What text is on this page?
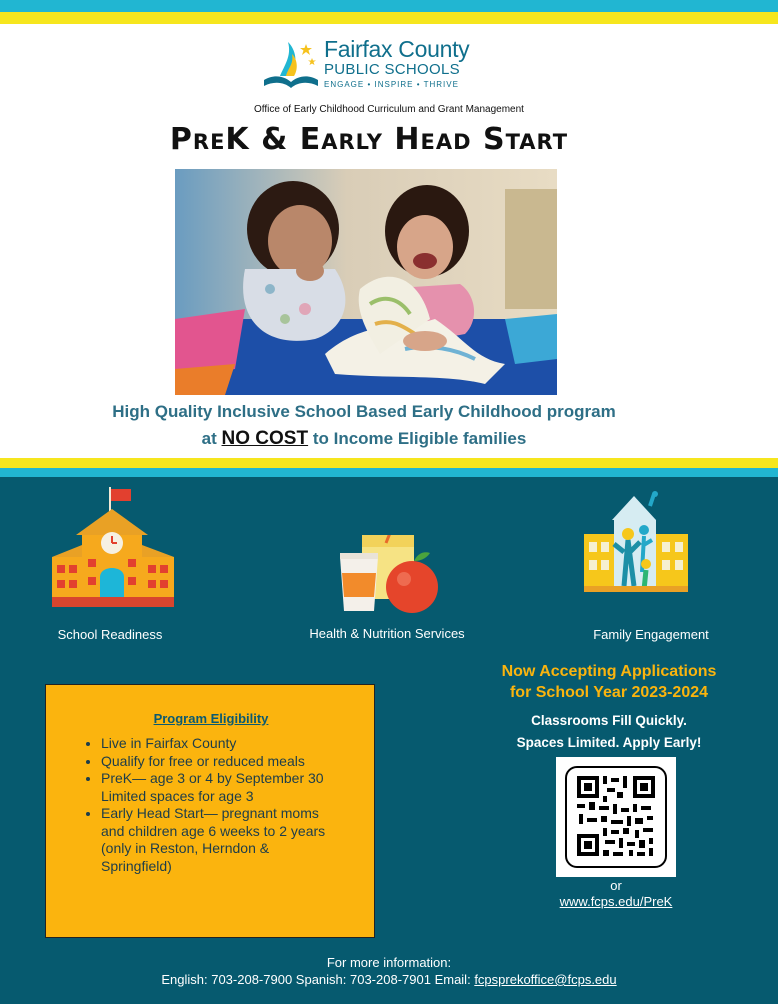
Fairfax County
PUBLIC SCHOOLS
ENGAGE • INSPIRE • THRIVE
Office of Early Childhood Curriculum and Grant Management
PreK & Early Head Start
High Quality Inclusive School Based Early Childhood program
at NO COST to Income Eligible families
School Readiness	Health & Nutrition Services	Family Engagement
Program Eligibility
• Live in Fairfax County
• Qualify for free or reduced meals
• PreK— age 3 or 4 by September 30
Limited spaces for age 3
• Early Head Start— pregnant moms
and children age 6 weeks to 2 years
(only in Reston, Herndon &
Springfield)
Now Accepting Applications
for School Year 2023-2024
Classrooms Fill Quickly.
Spaces Limited. Apply Early!
or
www.fcps.edu/PreK
For more information:
English: 703-208-7900 Spanish: 703-208-7901 Email: fcpsprekoffice@fcps.edu
